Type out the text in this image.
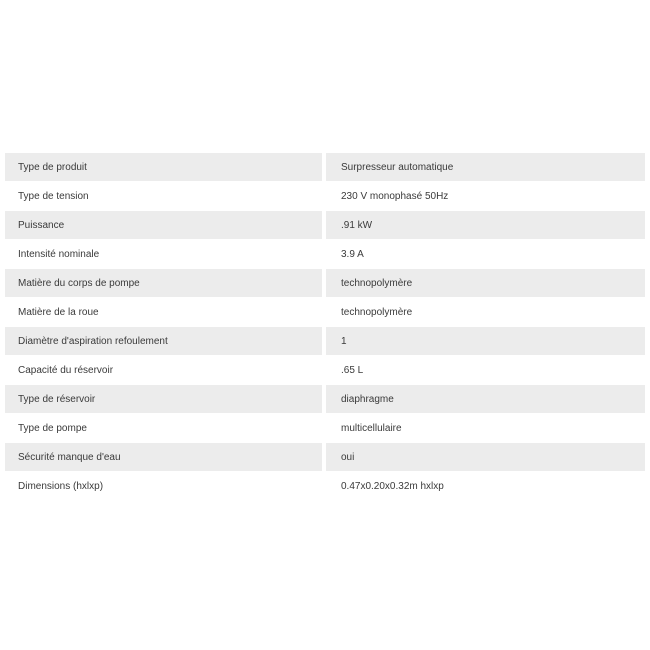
Type de produit	Surpresseur automatique
Type de tension	230 V monophasé 50Hz
Puissance	.91 kW
Intensité nominale	3.9 A
Matière du corps de pompe	technopolymère
Matière de la roue	technopolymère
Diamètre d'aspiration refoulement	1
Capacité du réservoir	.65 L
Type de réservoir	diaphragme
Type de pompe	multicellulaire
Sécurité manque d'eau	oui
Dimensions (hxlxp)	0.47x0.20x0.32m hxlxp
